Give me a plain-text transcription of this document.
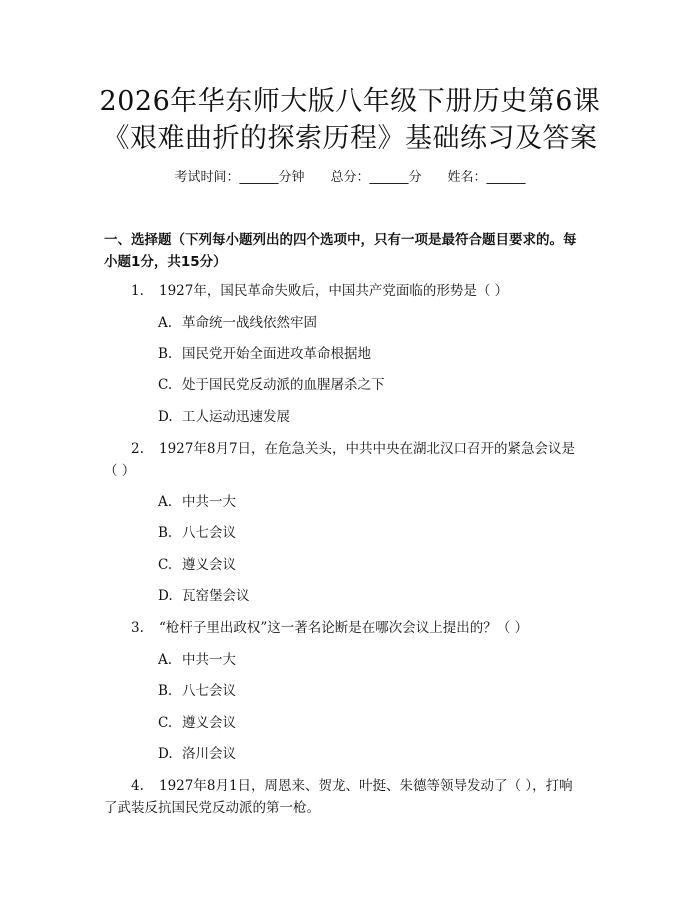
2026年华东师大版八年级下册历史第6课
《艰难曲折的探索历程》基础练习及答案
考试时间：______分钟 总分：______分 姓名：______
一、选择题（下列每小题列出的四个选项中，只有一项是最符合题目要求的。每
小题1分，共15分）
1. 1927年，国民革命失败后，中国共产党面临的形势是（ ）
A. 革命统一战线依然牢固
B. 国民党开始全面进攻革命根据地
C. 处于国民党反动派的血腥屠杀之下
D. 工人运动迅速发展
2. 1927年8月7日，在危急关头，中共中央在湖北汉口召开的紧急会议是
（ ）
A. 中共一大
B. 八七会议
C. 遵义会议
D. 瓦窑堡会议
3. “枪杆子里出政权”这一著名论断是在哪次会议上提出的？（ ）
A. 中共一大
B. 八七会议
C. 遵义会议
D. 洛川会议
4. 1927年8月1日，周恩来、贺龙、叶挺、朱德等领导发动了（ ），打响
了武装反抗国民党反动派的第一枪。
